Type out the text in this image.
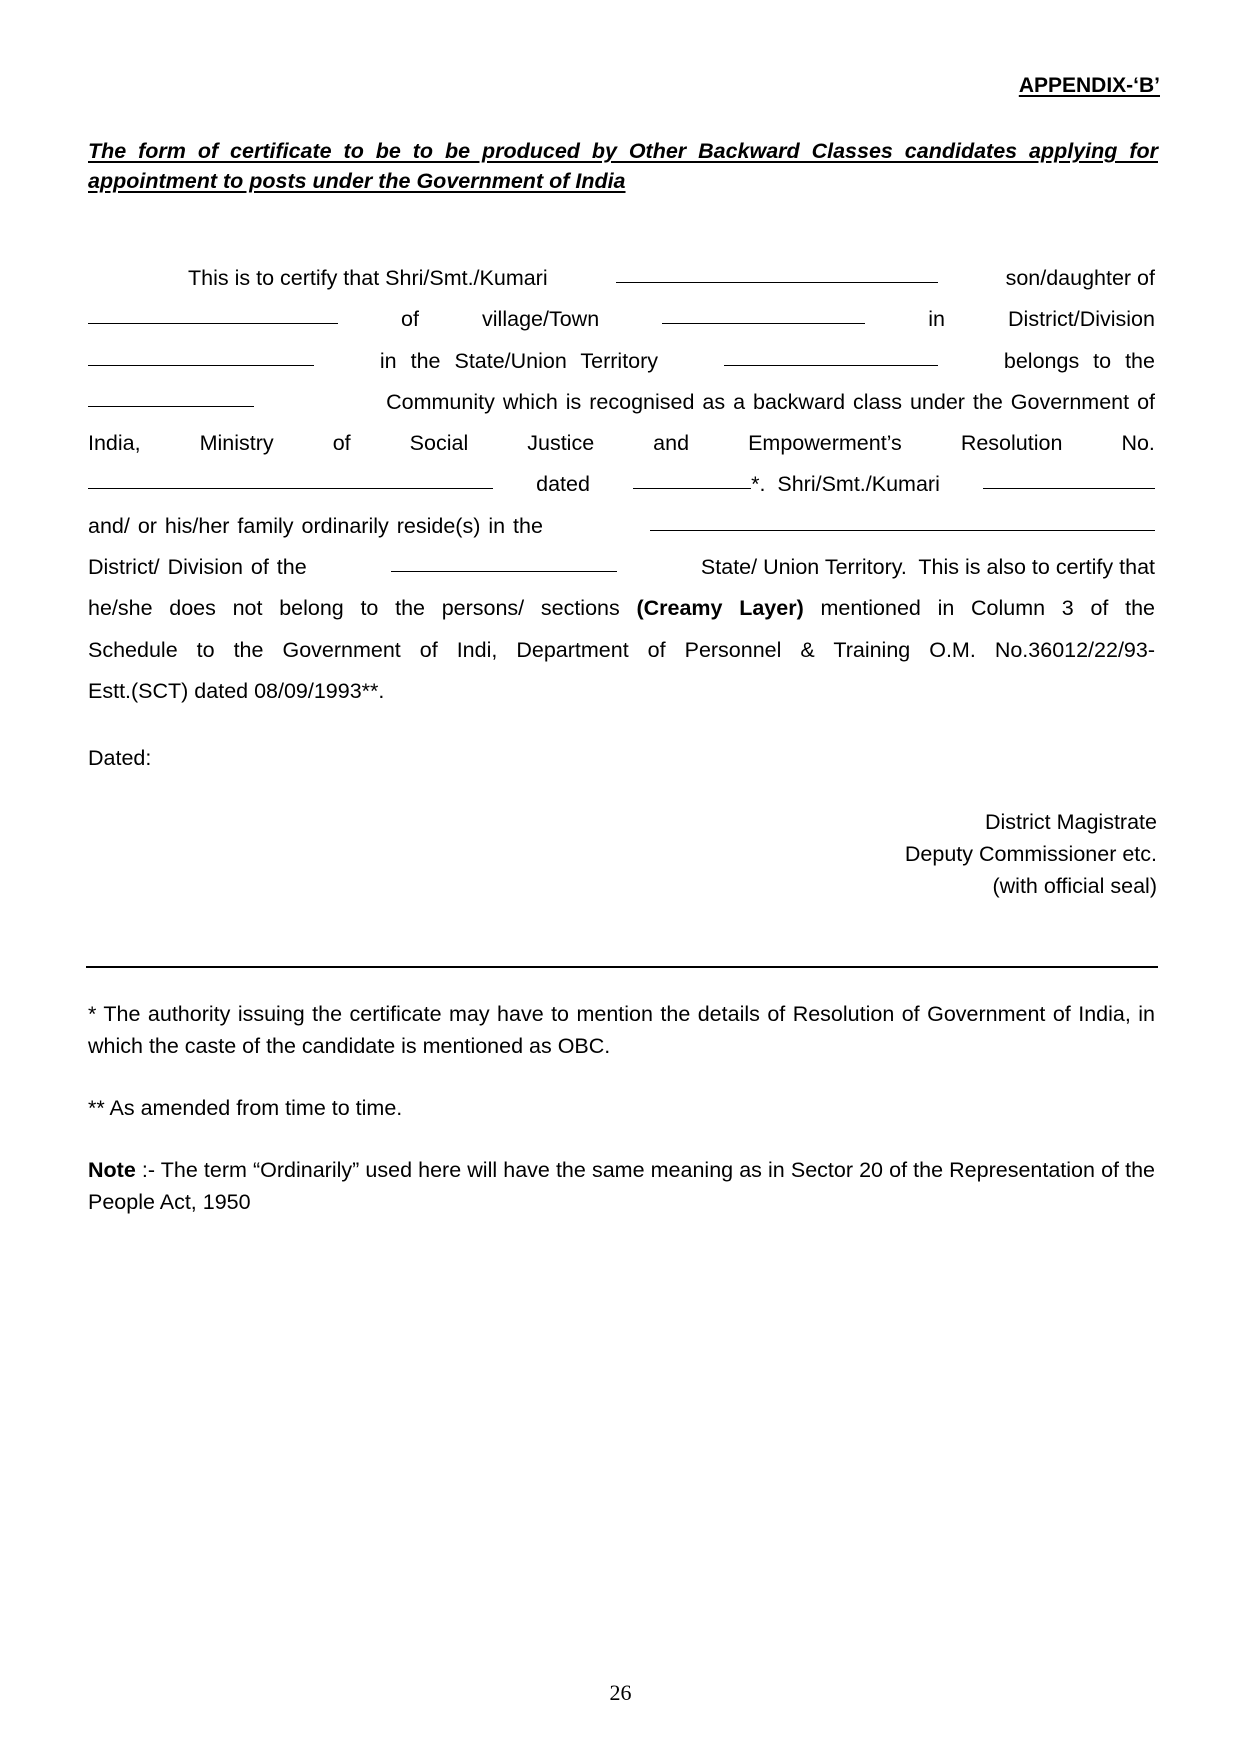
APPENDIX-‘B’
The form of certificate to be to be produced by Other Backward Classes candidates applying for appointment to posts under the Government of India
This is to certify that Shri/Smt./Kumari	son/daughter of
of	village/Town	in	District/Division
in the State/Union Territory	belongs to the
Community which is recognised as a backward class under the Government of
India,	Ministry	of	Social	Justice	and	Empowerment’s	Resolution	No.
dated	*.  Shri/Smt./Kumari
and/ or his/her family ordinarily reside(s) in the
District/ Division of the	State/ Union Territory.  This is also to certify that
he/she does not belong to the persons/ sections (Creamy Layer) mentioned in Column 3 of the
Schedule to the Government of Indi, Department of Personnel & Training O.M. No.36012/22/93-
Estt.(SCT) dated 08/09/1993**.
Dated:
District Magistrate
Deputy Commissioner etc.
(with official seal)
* The authority issuing the certificate may have to mention the details of Resolution of Government of India, in which the caste of the candidate is mentioned as OBC.
** As amended from time to time.
Note :- The term “Ordinarily” used here will have the same meaning as in Sector 20 of the Representation of the People Act, 1950
26
